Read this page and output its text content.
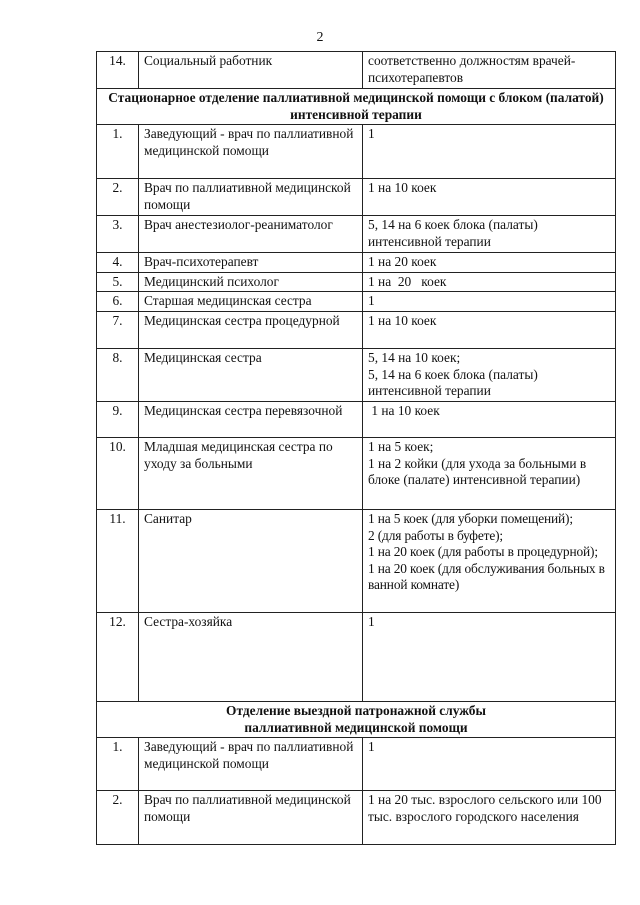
2
14.	Социальный работник	соответственно должностям врачей-психотерапевтов
Стационарное отделение паллиативной медицинской помощи с блоком (палатой) интенсивной терапии		
1.	Заведующий - врач по паллиативной медицинской помощи	1
2.	Врач по паллиативной медицинской помощи	1 на 10 коек
3.	Врач анестезиолог-реаниматолог	5, 14 на 6 коек блока (палаты) интенсивной терапии
4.	Врач-психотерапевт	1 на 20 коек
5.	Медицинский психолог	1 на  20   коек
6.	Старшая медицинская сестра	1
7.	Медицинская сестра процедурной	1 на 10 коек
8.	Медицинская сестра	5, 14 на 10 коек;
5, 14 на 6 коек блока (палаты) интенсивной терапии
9.	Медицинская сестра перевязочной	1 на 10 коек
10.	Младшая медицинская сестра по уходу за больными	1 на 5 коек;
1 на 2 койки (для ухода за больными в блоке (палате) интенсивной терапии)
11.	Санитар	1 на 5 коек (для уборки помещений);
2 (для работы в буфете);
1 на 20 коек (для работы в процедурной);
1 на 20 коек (для обслуживания больных в ванной комнате)
12.	Сестра-хозяйка	1
Отделение выездной патронажной службы паллиативной медицинской помощи		
1.	Заведующий - врач по паллиативной медицинской помощи	1
2.	Врач по паллиативной медицинской помощи	1 на 20 тыс. взрослого сельского или 100 тыс. взрослого городского населения
